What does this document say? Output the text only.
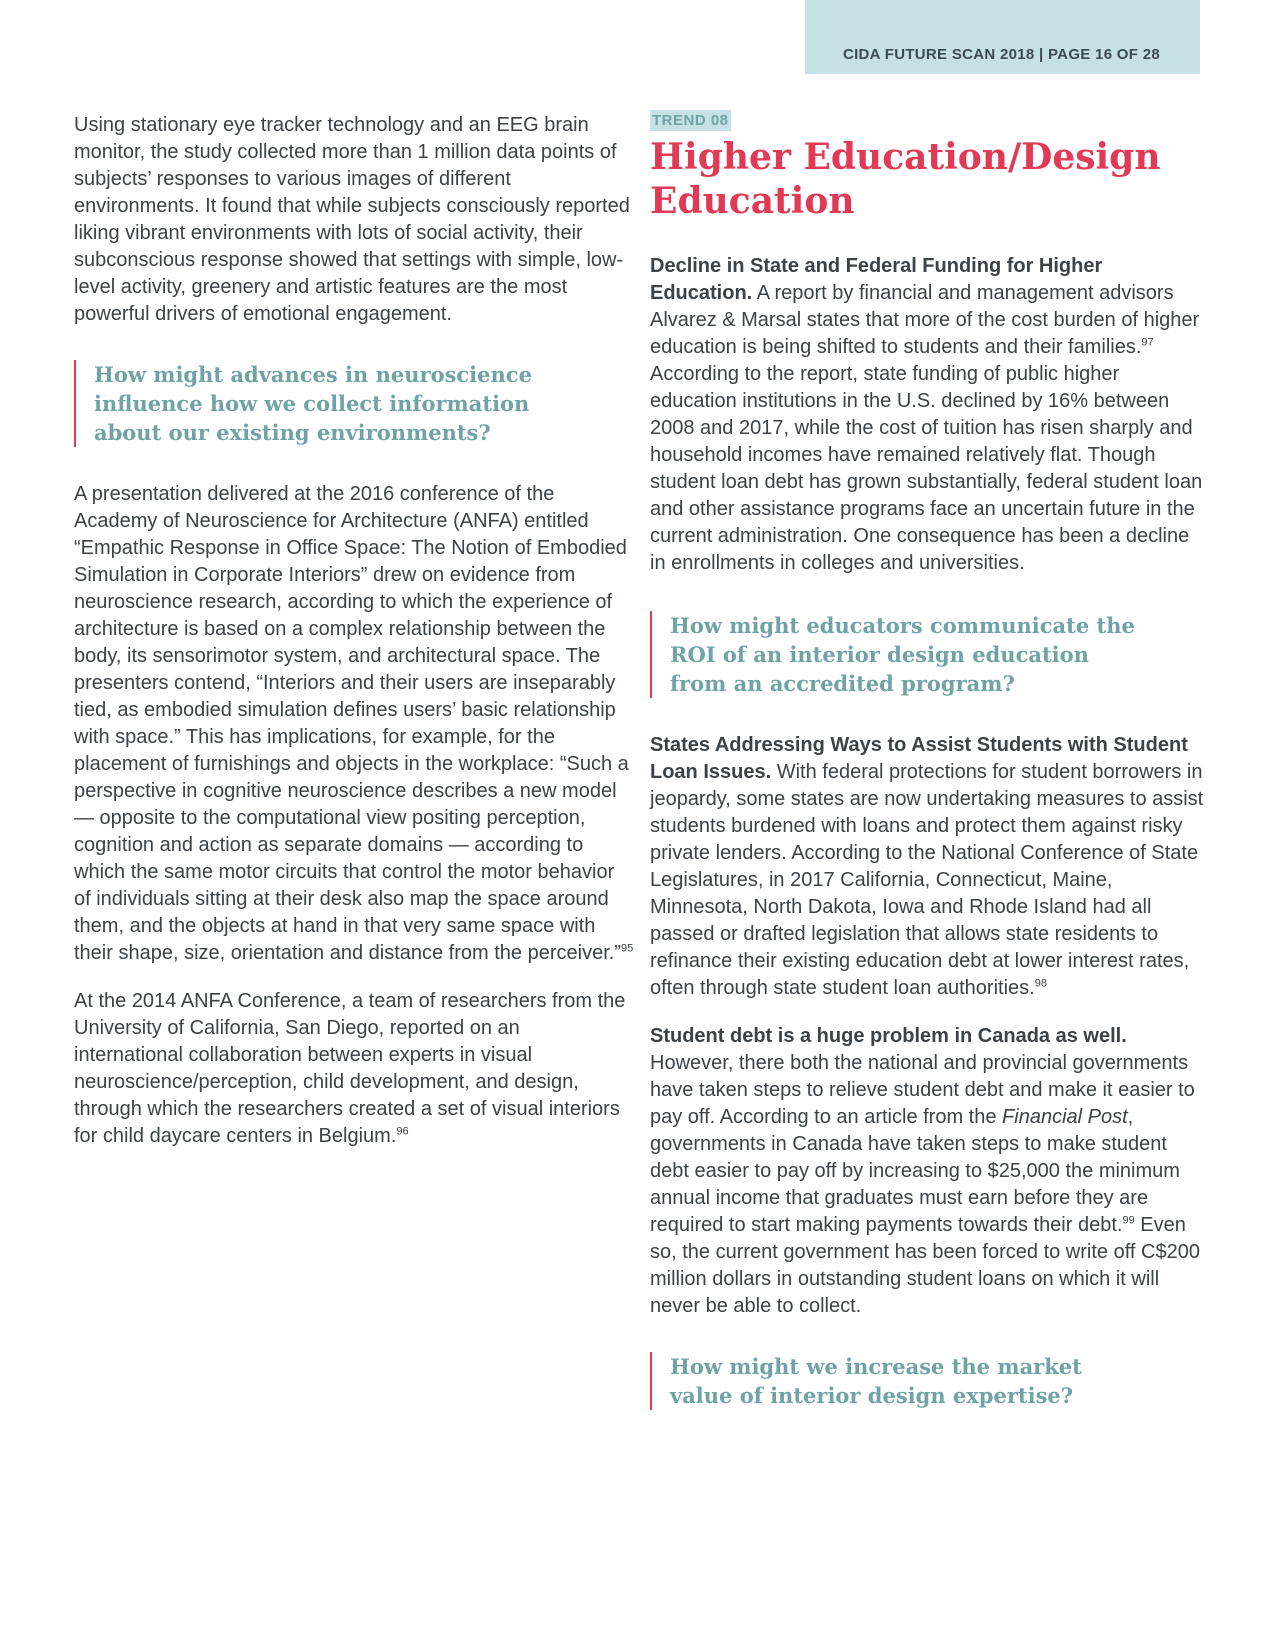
CIDA FUTURE SCAN 2018 | PAGE 16 OF 28

Using stationary eye tracker technology and an EEG brain monitor, the study collected more than 1 million data points of subjects’ responses to various images of different environments. It found that while subjects consciously reported liking vibrant environments with lots of social activity, their subconscious response showed that settings with simple, low-level activity, greenery and artistic features are the most powerful drivers of emotional engagement.

How might advances in neuroscience influence how we collect information about our existing environments?

A presentation delivered at the 2016 conference of the Academy of Neuroscience for Architecture (ANFA) entitled “Empathic Response in Office Space: The Notion of Embodied Simulation in Corporate Interiors” drew on evidence from neuroscience research, according to which the experience of architecture is based on a complex relationship between the body, its sensorimotor system, and architectural space. The presenters contend, “Interiors and their users are inseparably tied, as embodied simulation defines users’ basic relationship with space.” This has implications, for example, for the placement of furnishings and objects in the workplace: “Such a perspective in cognitive neuroscience describes a new model — opposite to the computational view positing perception, cognition and action as separate domains — according to which the same motor circuits that control the motor behavior of individuals sitting at their desk also map the space around them, and the objects at hand in that very same space with their shape, size, orientation and distance from the perceiver.”$^{95}$

At the 2014 ANFA Conference, a team of researchers from the University of California, San Diego, reported on an international collaboration between experts in visual neuroscience/perception, child development, and design, through which the researchers created a set of visual interiors for child daycare centers in Belgium.$^{96}$

TREND 08
Higher Education/Design Education

Decline in State and Federal Funding for Higher Education. A report by financial and management advisors Alvarez & Marsal states that more of the cost burden of higher education is being shifted to students and their families.$^{97}$ According to the report, state funding of public higher education institutions in the U.S. declined by 16% between 2008 and 2017, while the cost of tuition has risen sharply and household incomes have remained relatively flat. Though student loan debt has grown substantially, federal student loan and other assistance programs face an uncertain future in the current administration. One consequence has been a decline in enrollments in colleges and universities.

How might educators communicate the ROI of an interior design education from an accredited program?

States Addressing Ways to Assist Students with Student Loan Issues. With federal protections for student borrowers in jeopardy, some states are now undertaking measures to assist students burdened with loans and protect them against risky private lenders. According to the National Conference of State Legislatures, in 2017 California, Connecticut, Maine, Minnesota, North Dakota, Iowa and Rhode Island had all passed or drafted legislation that allows state residents to refinance their existing education debt at lower interest rates, often through state student loan authorities.$^{98}$

Student debt is a huge problem in Canada as well. However, there both the national and provincial governments have taken steps to relieve student debt and make it easier to pay off. According to an article from the Financial Post, governments in Canada have taken steps to make student debt easier to pay off by increasing to $25,000 the minimum annual income that graduates must earn before they are required to start making payments towards their debt.$^{99}$ Even so, the current government has been forced to write off C$200 million dollars in outstanding student loans on which it will never be able to collect.

How might we increase the market value of interior design expertise?
